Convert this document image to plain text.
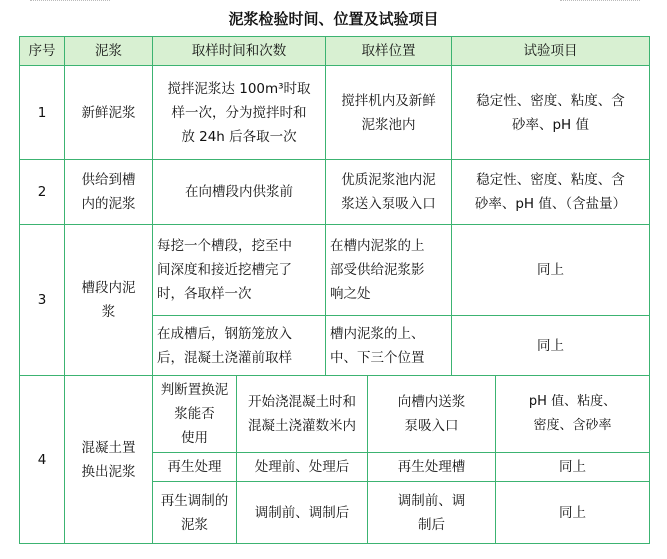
泥浆检验时间、位置及试验项目
序号	泥浆	取样时间和次数		取样位置		试验项目	
1	新鲜泥浆	搅拌泥浆达 100m³时取
样一次，分为搅拌时和
放 24h 后各取一次		搅拌机内及新鲜
泥浆池内		稳定性、密度、粘度、含
砂率、pH 值	
2	供给到槽
内的泥浆	在向槽段内供浆前		优质泥浆池内泥
浆送入泵吸入口		稳定性、密度、粘度、含
砂率、pH 值、（含盐量）	
3	槽段内泥
浆	每挖一个槽段，挖至中
间深度和接近挖槽完了
时，各取样一次		在槽内泥浆的上
部受供给泥浆影
响之处		同上	
		在成槽后，钢筋笼放入
后，混凝土浇灌前取样		槽内泥浆的上、
中、下三个位置		同上	
4	混凝土置
换出泥浆	判断置换泥浆能否
使用	开始浇混凝土时和
混凝土浇灌数米内		向槽内送浆
泵吸入口		pH 值、粘度、
密度、含砂率
		再生处理	处理前、处理后		再生处理槽		同上
		再生调制的泥浆	调制前、调制后		调制前、调
制后		同上
